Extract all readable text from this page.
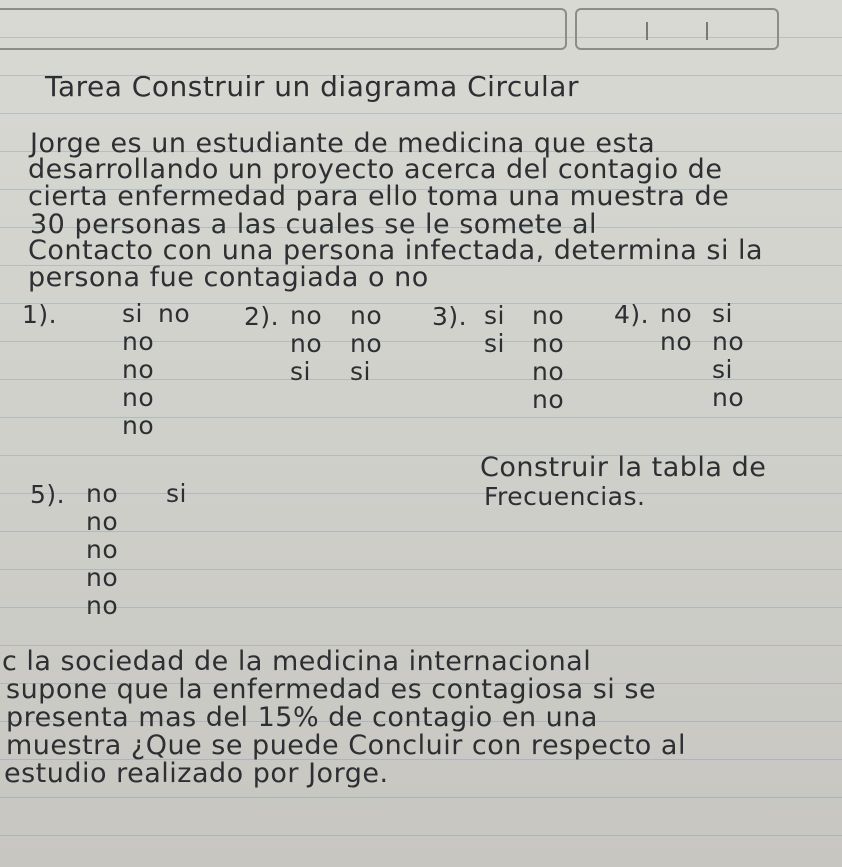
Tarea Construir un diagrama Circular
Jorge es un estudiante de medicina que esta
desarrollando un proyecto acerca del contagio de
cierta enfermedad para ello toma una muestra de
30 personas a las cuales se le somete al
Contacto con una persona infectada, determina si la
persona fue contagiada o no
1).	si
no
no
no
no
no 2). no
no
si
no
no
si
3). si
si
no
no
no
no
4). no
no
si
no
si
no
Construir la tabla de
Frecuencias.
5). no
no
no
no
no
si
c la sociedad de la medicina internacional
supone que la enfermedad es contagiosa si se
presenta mas del 15% de contagio en una
muestra ¿Que se puede Concluir con respecto al
estudio realizado por Jorge.
